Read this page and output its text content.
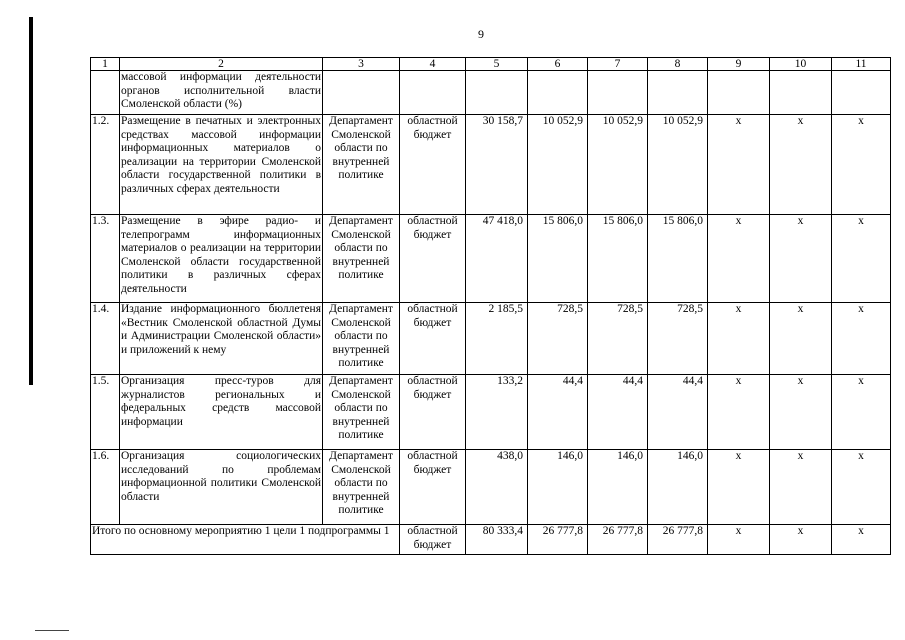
9
1	2	3	4	5	6	7	8	9	10	11
	массовой информации деятельности органов исполнительной власти Смоленской области (%)									
1.2.	Размещение в печатных и электронных средствах массовой информации информационных материалов о реализации на территории Смоленской области государственной политики в различных сферах деятельности	Департамент Смоленской области по внутренней политике	областной бюджет	30 158,7	10 052,9	10 052,9	10 052,9	x	x	x
1.3.	Размещение в эфире радио- и телепрограмм информационных материалов о реализации на территории Смоленской области государственной политики в различных сферах деятельности	Департамент Смоленской области по внутренней политике	областной бюджет	47 418,0	15 806,0	15 806,0	15 806,0	x	x	x
1.4.	Издание информационного бюллетеня «Вестник Смоленской областной Думы и Администрации Смоленской области» и приложений к нему	Департамент Смоленской области по внутренней политике	областной бюджет	2 185,5	728,5	728,5	728,5	x	x	x
1.5.	Организация пресс-туров для журналистов региональных и федеральных средств массовой информации	Департамент Смоленской области по внутренней политике	областной бюджет	133,2	44,4	44,4	44,4	x	x	x
1.6.	Организация социологических исследований по проблемам информационной политики Смоленской области	Департамент Смоленской области по внутренней политике	областной бюджет	438,0	146,0	146,0	146,0	x	x	x
Итого по основному мероприятию 1 цели 1 подпрограммы 1			областной бюджет	80 333,4	26 777,8	26 777,8	26 777,8	x	x	x
